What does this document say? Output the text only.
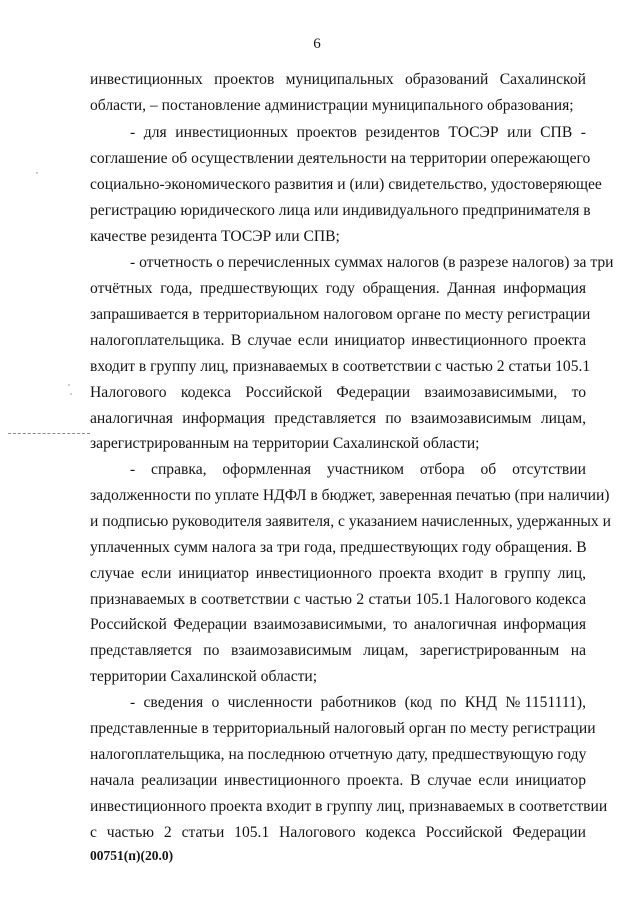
6
инвестиционных проектов муниципальных образований Сахалинской
области, – постановление администрации муниципального образования;
- для инвестиционных проектов резидентов ТОСЭР или СПВ -
соглашение об осуществлении деятельности на территории опережающего
социально-экономического развития и (или) свидетельство, удостоверяющее
регистрацию юридического лица или индивидуального предпринимателя в
качестве резидента ТОСЭР или СПВ;
- отчетность о перечисленных суммах налогов (в разрезе налогов) за три
отчётных года, предшествующих году обращения. Данная информация
запрашивается в территориальном налоговом органе по месту регистрации
налогоплательщика. В случае если инициатор инвестиционного проекта
входит в группу лиц, признаваемых в соответствии с частью 2 статьи 105.1
Налогового кодекса Российской Федерации взаимозависимыми, то
аналогичная информация представляется по взаимозависимым лицам,
зарегистрированным на территории Сахалинской области;
- справка, оформленная участником отбора об отсутствии
задолженности по уплате НДФЛ в бюджет, заверенная печатью (при наличии)
и подписью руководителя заявителя, с указанием начисленных, удержанных и
уплаченных сумм налога за три года, предшествующих году обращения. В
случае если инициатор инвестиционного проекта входит в группу лиц,
признаваемых в соответствии с частью 2 статьи 105.1 Налогового кодекса
Российской Федерации взаимозависимыми, то аналогичная информация
представляется по взаимозависимым лицам, зарегистрированным на
территории Сахалинской области;
- сведения о численности работников (код по КНД №1151111),
представленные в территориальный налоговый орган по месту регистрации
налогоплательщика, на последнюю отчетную дату, предшествующую году
начала реализации инвестиционного проекта. В случае если инициатор
инвестиционного проекта входит в группу лиц, признаваемых в соответствии
с частью 2 статьи 105.1 Налогового кодекса Российской Федерации
00751(п)(20.0)
